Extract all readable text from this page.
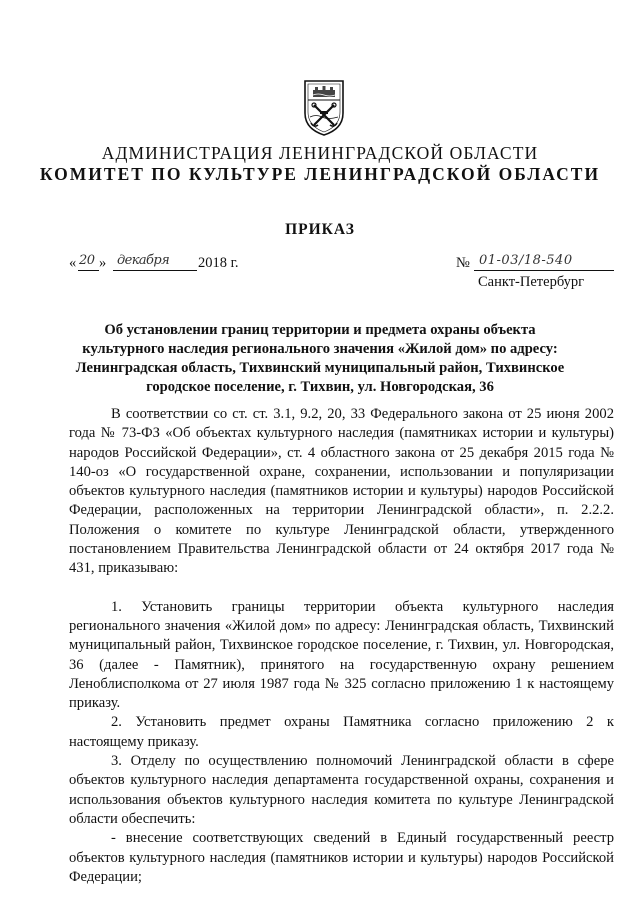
АДМИНИСТРАЦИЯ ЛЕНИНГРАДСКОЙ ОБЛАСТИ
КОМИТЕТ ПО КУЛЬТУРЕ ЛЕНИНГРАДСКОЙ ОБЛАСТИ
ПРИКАЗ
« 20 » декабря 2018 г.	№ 01-03/18-540
Санкт-Петербург
Об установлении границ территории и предмета охраны объекта культурного наследия регионального значения «Жилой дом» по адресу: Ленинградская область, Тихвинский муниципальный район, Тихвинское городское поселение, г. Тихвин, ул. Новгородская, 36

В соответствии со ст. ст. 3.1, 9.2, 20, 33 Федерального закона от 25 июня 2002 года № 73-ФЗ «Об объектах культурного наследия (памятниках истории и культуры) народов Российской Федерации», ст. 4 областного закона от 25 декабря 2015 года № 140-оз «О государственной охране, сохранении, использовании и популяризации объектов культурного наследия (памятников истории и культуры) народов Российской Федерации, расположенных на территории Ленинградской области», п. 2.2.2. Положения о комитете по культуре Ленинградской области, утвержденного постановлением Правительства Ленинградской области от 24 октября 2017 года № 431, приказываю:

1. Установить границы территории объекта культурного наследия регионального значения «Жилой дом» по адресу: Ленинградская область, Тихвинский муниципальный район, Тихвинское городское поселение, г. Тихвин, ул. Новгородская, 36 (далее - Памятник), принятого на государственную охрану решением Леноблисполкома от 27 июля 1987 года № 325 согласно приложению 1 к настоящему приказу.

2. Установить предмет охраны Памятника согласно приложению 2 к настоящему приказу.

3. Отделу по осуществлению полномочий Ленинградской области в сфере объектов культурного наследия департамента государственной охраны, сохранения и использования объектов культурного наследия комитета по культуре Ленинградской области обеспечить:

- внесение соответствующих сведений в Единый государственный реестр объектов культурного наследия (памятников истории и культуры) народов Российской Федерации;
